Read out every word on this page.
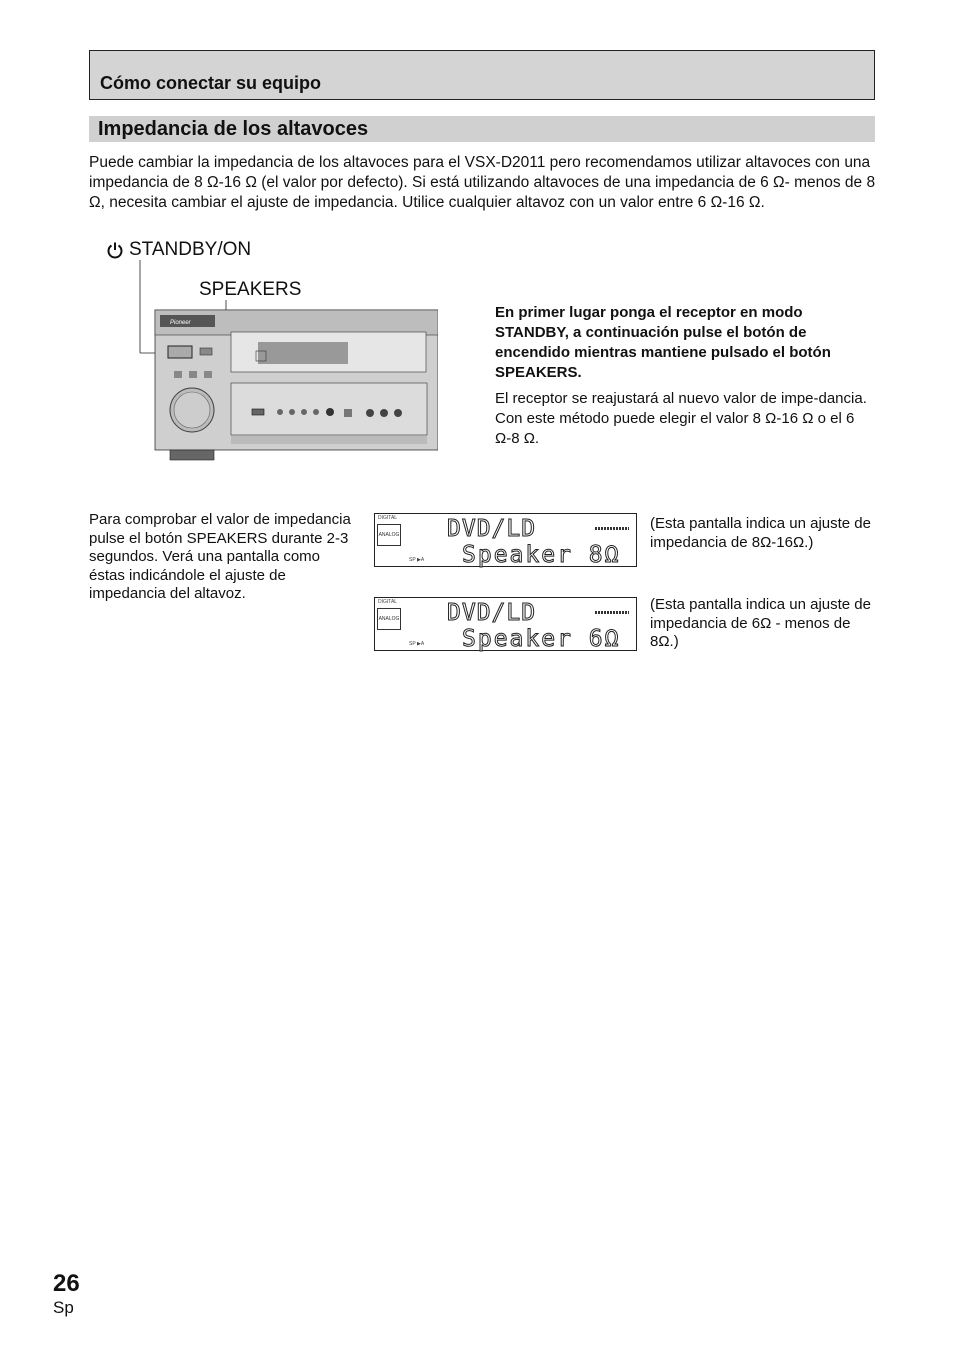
Cómo conectar su equipo
Impedancia de los altavoces

Puede cambiar la impedancia de los altavoces para el VSX-D2011 pero recomendamos utilizar altavoces con una impedancia de 8 Ω-16 Ω (el valor por defecto). Si está utilizando altavoces de una impedancia de 6 Ω- menos de 8 Ω, necesita cambiar el ajuste de impedancia. Utilice cualquier altavoz con un valor entre 6 Ω-16 Ω.

STANDBY/ON
SPEAKERS
Pioneer

En primer lugar ponga el receptor en modo STANDBY, a continuación pulse el botón de encendido mientras mantiene pulsado el botón SPEAKERS.

El receptor se reajustará al nuevo valor de impe-dancia. Con este método puede elegir el valor 8 Ω-16 Ω o el 6 Ω-8 Ω.

Para comprobar el valor de impedancia pulse el botón SPEAKERS durante 2-3 segundos. Verá una pantalla como éstas indicándole el ajuste de impedancia del altavoz.

DIGITAL
ANALOG
SP ▶A
DVD/LD
Speaker 8Ω

(Esta pantalla indica un ajuste de impedancia de 8Ω-16Ω.)

DIGITAL
ANALOG
SP ▶A
DVD/LD
Speaker 6Ω

(Esta pantalla indica un ajuste de impedancia de 6Ω - menos de 8Ω.)

26
Sp
